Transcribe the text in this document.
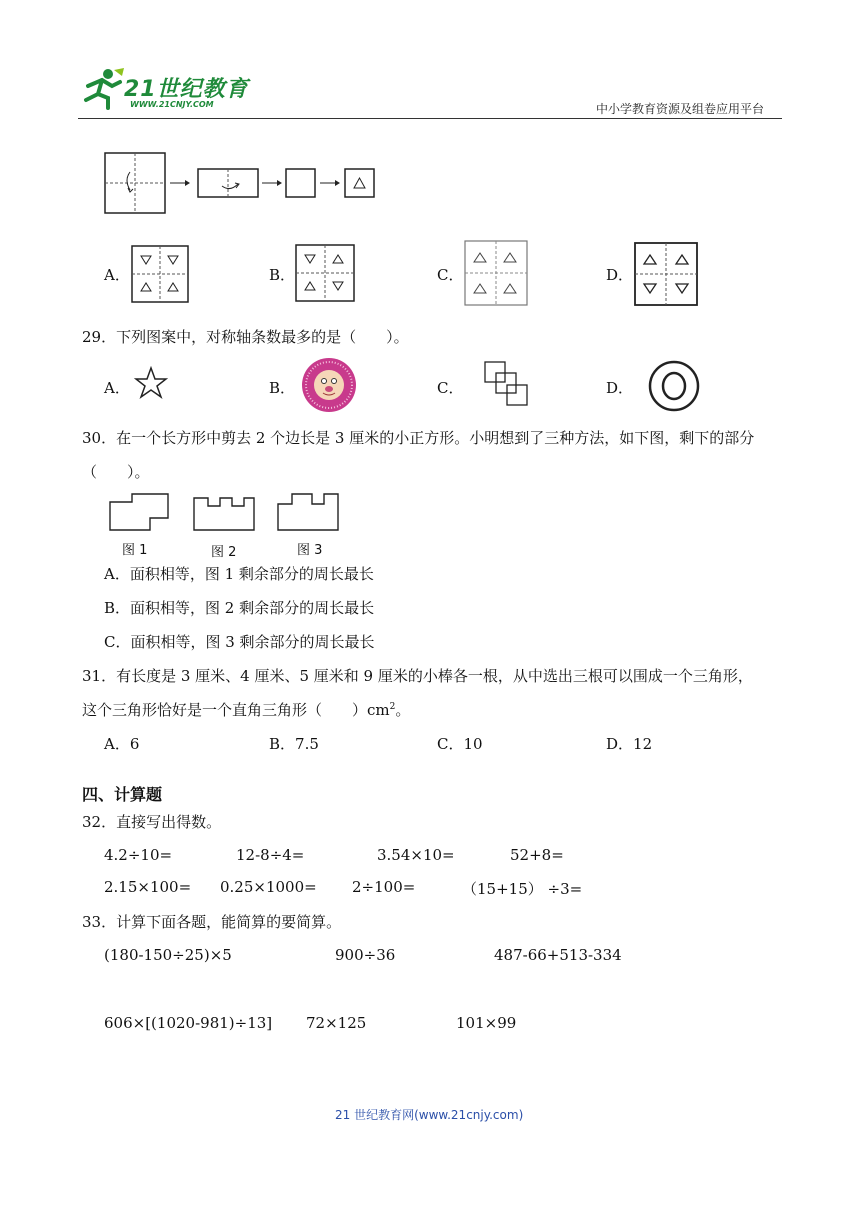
21世纪教育
WWW.21CNJY.COM	中小学教育资源及组卷应用平台
A．	B．	C．	D．
29．下列图案中，对称轴条数最多的是（　　）。
A．	B．	C．	D．
30．在一个长方形中剪去 2 个边长是 3 厘米的小正方形。小明想到了三种方法，如下图，剩下的部分
（　　）。
图 1	图 2	图 3
A．面积相等，图 1 剩余部分的周长最长
B．面积相等，图 2 剩余部分的周长最长
C．面积相等，图 3 剩余部分的周长最长
31．有长度是 3 厘米、4 厘米、5 厘米和 9 厘米的小棒各一根，从中选出三根可以围成一个三角形，
这个三角形恰好是一个直角三角形（　　）$cm^2$。
A．6	B．7.5	C．10	D．12
四、计算题
32．直接写出得数。
4.2÷10=	12-8÷4=	3.54×10=	52+8=
2.15×100= 0.25×1000= 2÷100=	（15+15） ÷3=
33．计算下面各题，能简算的要简算。
(180-150÷25)×5	900÷36	487-66+513-334
606×[(1020-981)÷13] 72×125	101×99
21 世纪教育网(www.21cnjy.com)
